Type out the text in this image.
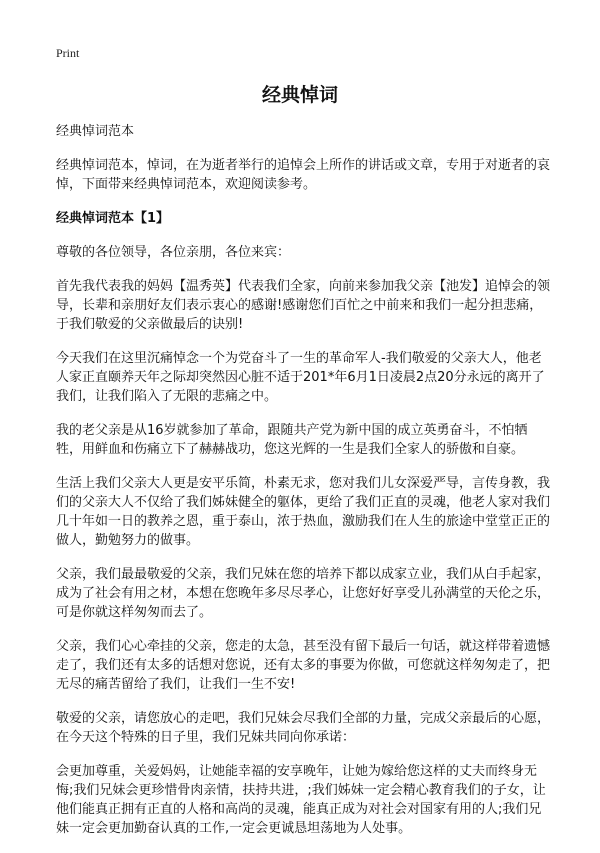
Print
经典悼词

经典悼词范本

经典悼词范本，悼词，在为逝者举行的追悼会上所作的讲话或文章，专用于对逝者的哀悼，下面带来经典悼词范本，欢迎阅读参考。

经典悼词范本【1】

尊敬的各位领导，各位亲朋，各位来宾：

首先我代表我的妈妈【温秀英】代表我们全家，向前来参加我父亲【池发】追悼会的领导，长辈和亲朋好友们表示衷心的感谢!感谢您们百忙之中前来和我们一起分担悲痛，于我们敬爱的父亲做最后的诀别!

今天我们在这里沉痛悼念一个为党奋斗了一生的革命军人-我们敬爱的父亲大人，他老人家正直颐养天年之际却突然因心脏不适于201*年6月1日凌晨2点20分永远的离开了我们，让我们陷入了无限的悲痛之中。

我的老父亲是从16岁就参加了革命，跟随共产党为新中国的成立英勇奋斗，不怕牺牲，用鲜血和伤痛立下了赫赫战功，您这光辉的一生是我们全家人的骄傲和自豪。

生活上我们父亲大人更是安平乐简，朴素无求，您对我们儿女深爱严导，言传身教，我们的父亲大人不仅给了我们姊妹健全的躯体，更给了我们正直的灵魂，他老人家对我们几十年如一日的教养之恩，重于泰山，浓于热血，激励我们在人生的旅途中堂堂正正的做人，勤勉努力的做事。

父亲，我们最最敬爱的父亲，我们兄妹在您的培养下都以成家立业，我们从白手起家，成为了社会有用之材，本想在您晚年多尽尽孝心，让您好好享受儿孙满堂的天伦之乐，可是你就这样匆匆而去了。

父亲，我们心心牵挂的父亲，您走的太急，甚至没有留下最后一句话，就这样带着遗憾走了，我们还有太多的话想对您说，还有太多的事要为你做，可您就这样匆匆走了，把无尽的痛苦留给了我们，让我们一生不安!

敬爱的父亲，请您放心的走吧，我们兄妹会尽我们全部的力量，完成父亲最后的心愿，在今天这个特殊的日子里，我们兄妹共同向你承诺：

会更加尊重，关爱妈妈，让她能幸福的安享晚年，让她为嫁给您这样的丈夫而终身无悔;我们兄妹会更珍惜骨肉亲情，扶持共进，;我们姊妹一定会精心教育我们的子女，让他们能真正拥有正直的人格和高尚的灵魂，能真正成为对社会对国家有用的人;我们兄妹一定会更加勤奋认真的工作,一定会更诚恳坦荡地为人处事。
